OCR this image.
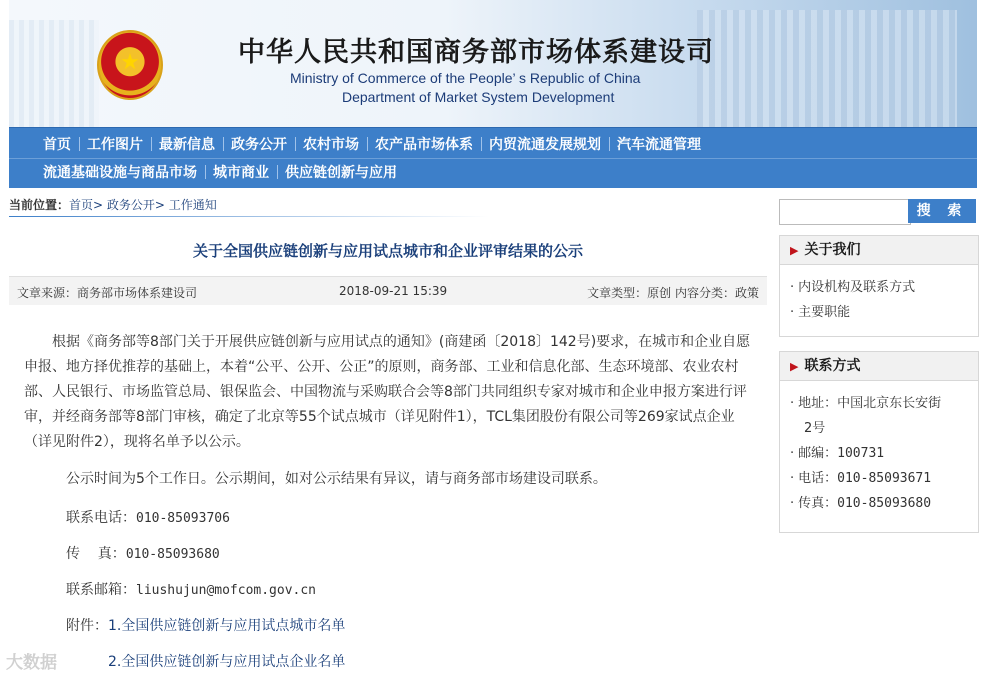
★	中华人民共和国商务部市场体系建设司
Ministry of Commerce of the People’ s Republic of China
Department of Market System Development
首页	工作图片	最新信息	政务公开	农村市场	农产品市场体系	内贸流通发展规划	汽车流通管理
流通基础设施与商品市场	城市商业	供应链创新与应用
当前位置：首页> 政务公开> 工作通知
关于全国供应链创新与应用试点城市和企业评审结果的公示
文章来源：商务部市场体系建设司	2018-09-21 15:39	文章类型：原创 内容分类：政策

根据《商务部等8部门关于开展供应链创新与应用试点的通知》(商建函〔2018〕142号)要求，在城市和企业自愿申报、地方择优推荐的基础上，本着“公平、公开、公正”的原则，商务部、工业和信息化部、生态环境部、农业农村部、人民银行、市场监管总局、银保监会、中国物流与采购联合会等8部门共同组织专家对城市和企业申报方案进行评审，并经商务部等8部门审核，确定了北京等55个试点城市（详见附件1），TCL集团股份有限公司等269家试点企业（详见附件2），现将名单予以公示。

公示时间为5个工作日。公示期间，如对公示结果有异议，请与商务部市场建设司联系。
联系电话：010-85093706
传    真：010-85093680
联系邮箱：liushujun@mofcom.gov.cn
附件：1.全国供应链创新与应用试点城市名单
2.全国供应链创新与应用试点企业名单
大数据
搜 索
▶ 关于我们
· 内设机构及联系方式
· 主要职能
▶ 联系方式
· 地址：中国北京东长安街
2号
· 邮编：100731
· 电话：010-85093671
· 传真：010-85093680
